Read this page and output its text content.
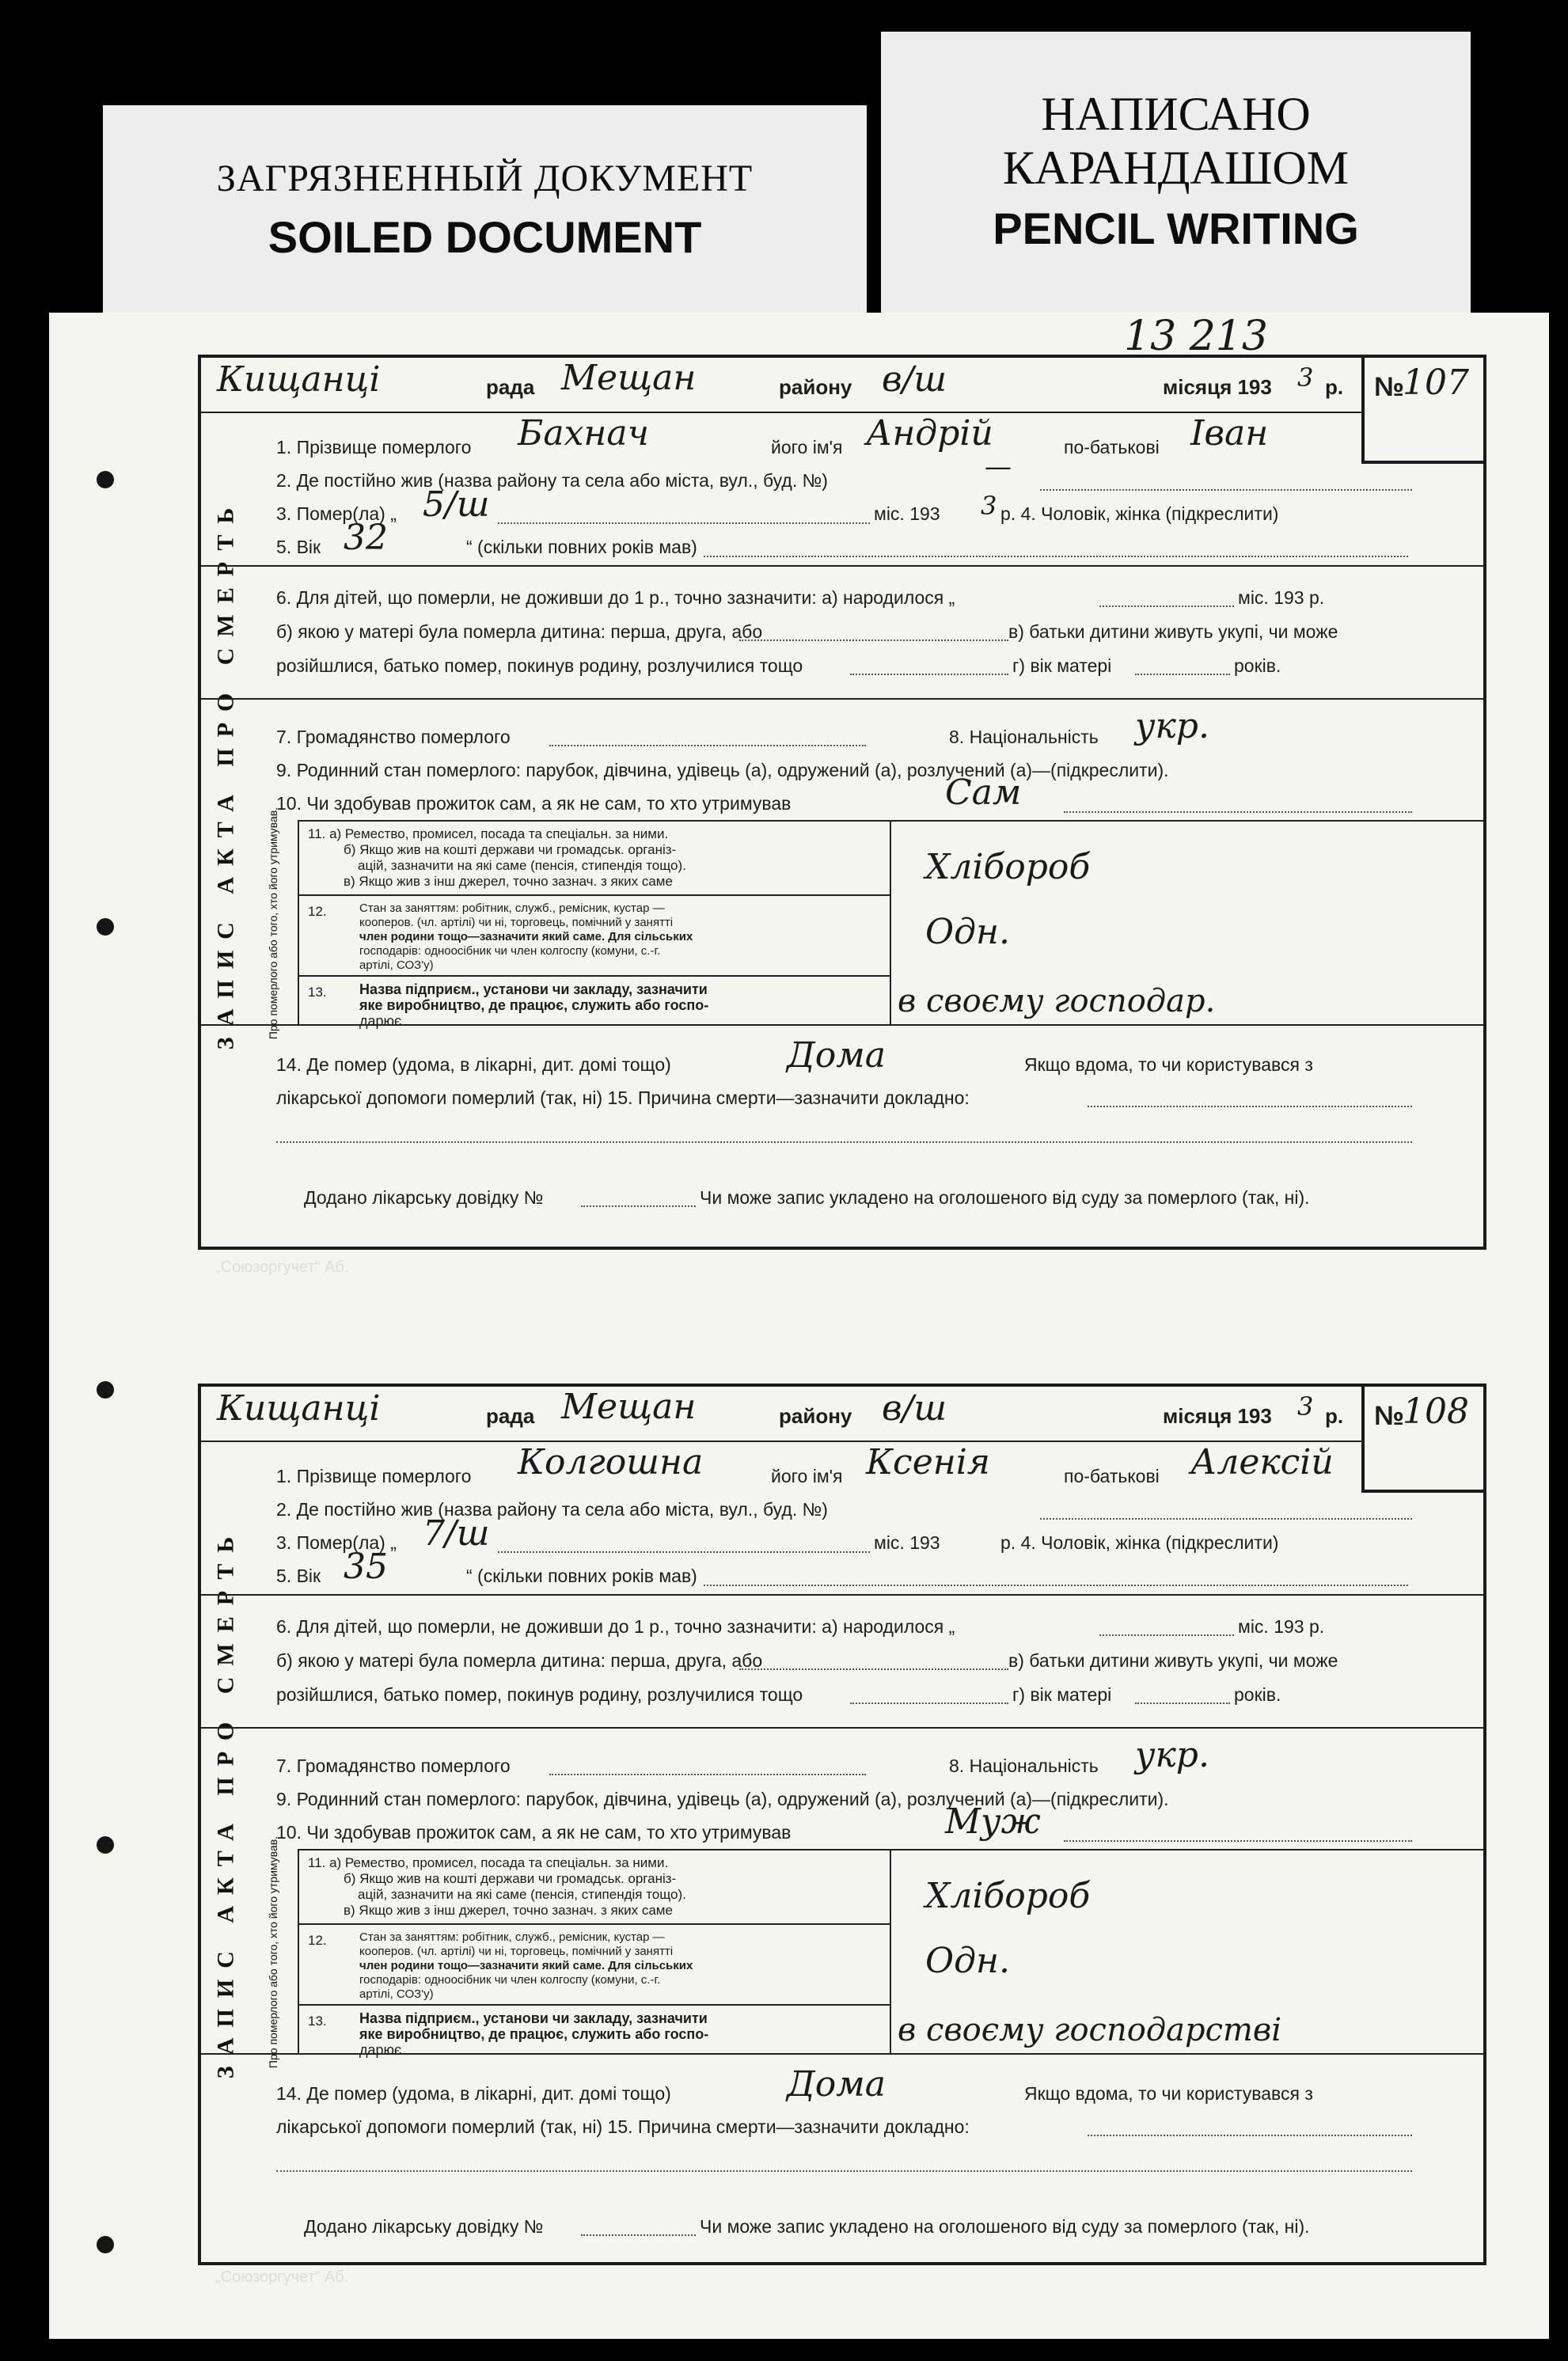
ЗАГРЯЗНЕННЫЙ ДОКУМЕНТ
SOILED DOCUMENT
НАПИСАНО
КАРАНДАШОМ
PENCIL WRITING
13 213
№
107
Кищанці	рада Мещан	району в/ш	місяця 193 3 р.
ЗАПИС АКТА ПРО СМЕРТЬ	Про померлого або того, хто його утримував.
1. Прізвище померлого Бахнач	його ім'я Андрій	по-батькові Іван
2. Де постійно жив (назва району та села або міста, вул., буд. №)	—
3. Помер(ла) „ 5/ш	міс. 193 3 р. 4. Чоловік, жінка (підкреслити)
5. Вік 32	“ (скільки повних років мав)
6. Для дітей, що померли, не доживши до 1 р., точно зазначити: а) народилося „	міс. 193 р.
б) якою у матері була померла дитина: перша, друга, або	в) батьки дитини живуть укупі, чи може
розійшлися, батько помер, покинув родину, розлучилися тощо	г) вік матері	років.
7. Громадянство померлого	8. Національність укр.
9. Родинний стан померлого: парубок, дівчина, удівець (а), одружений (а), розлучений (а)—(підкреслити).
10. Чи здобував прожиток сам, а як не сам, то хто утримував	Сам
11. а) Ремество, промисел, посада та спеціальн. за ними.
б) Якщо жив на коштi держави чи громадськ. організ-
ацій, зазначити на які саме (пенсія, стипендія тощо).
в) Якщо жив з інш джерел, точно зазнач. з яких саме	Хлібороб
12.	Стан за заняттям: робітник, служб., ремісник, кустар —
кооперов. (чл. артілі) чи ні, торговець, помічний у занятті
член родини тощо—зазначити який саме. Для сільських
господарів: одноосібник чи член колгоспу (комуни, с.-г.
артілі, СОЗ'у)
Одн.
13. Назва підприєм., установи чи закладу, зазначити
яке виробництво, де працює, служить або госпо-
дарює
в своєму господар.
14. Де помер (удома, в лікарні, дит. домі тощо)	Дома	Якщо вдома, то чи користувався з
лікарської допомоги померлий (так, ні) 15. Причина смерти—зазначити докладно:
Додано лікарську довідку №	Чи може запис укладено на оголошеного від суду за померлого (так, ні).
№
108
Кищанці	рада Мещан	району в/ш	місяця 193 3 р.
ЗАПИС АКТА ПРО СМЕРТЬ	Про померлого або того, хто його утримував.
1. Прізвище померлого Колгошна	його ім'я Ксенія	по-батькові Алексій
2. Де постійно жив (назва району та села або міста, вул., буд. №)
3. Помер(ла) „ 7/ш	міс. 193	р. 4. Чоловік, жінка (підкреслити)
5. Вік 35	“ (скільки повних років мав)
6. Для дітей, що померли, не доживши до 1 р., точно зазначити: а) народилося „	міс. 193 р.
б) якою у матері була померла дитина: перша, друга, або	в) батьки дитини живуть укупі, чи може
розійшлися, батько помер, покинув родину, розлучилися тощо	г) вік матері	років.
7. Громадянство померлого	8. Національність укр.
9. Родинний стан померлого: парубок, дівчина, удівець (а), одружений (а), розлучений (а)—(підкреслити).
10. Чи здобував прожиток сам, а як не сам, то хто утримував	Муж
11. а) Ремество, промисел, посада та спеціальн. за ними.
б) Якщо жив на коштi держави чи громадськ. організ-
ацій, зазначити на які саме (пенсія, стипендія тощо).
в) Якщо жив з інш джерел, точно зазнач. з яких саме	Хлібороб
12.	Стан за заняттям: робітник, служб., ремісник, кустар —
кооперов. (чл. артілі) чи ні, торговець, помічний у занятті
член родини тощо—зазначити який саме. Для сільських
господарів: одноосібник чи член колгоспу (комуни, с.-г.
артілі, СОЗ'у)
Одн.
13. Назва підприєм., установи чи закладу, зазначити
яке виробництво, де працює, служить або госпо-
дарює
в своєму господарстві
14. Де помер (удома, в лікарні, дит. домі тощо)	Дома	Якщо вдома, то чи користувався з
лікарської допомоги померлий (так, ні) 15. Причина смерти—зазначити докладно:
Додано лікарську довідку №	Чи може запис укладено на оголошеного від суду за померлого (так, ні).
„Союзоргучет“ Аб.
„Союзоргучет“ Аб.
